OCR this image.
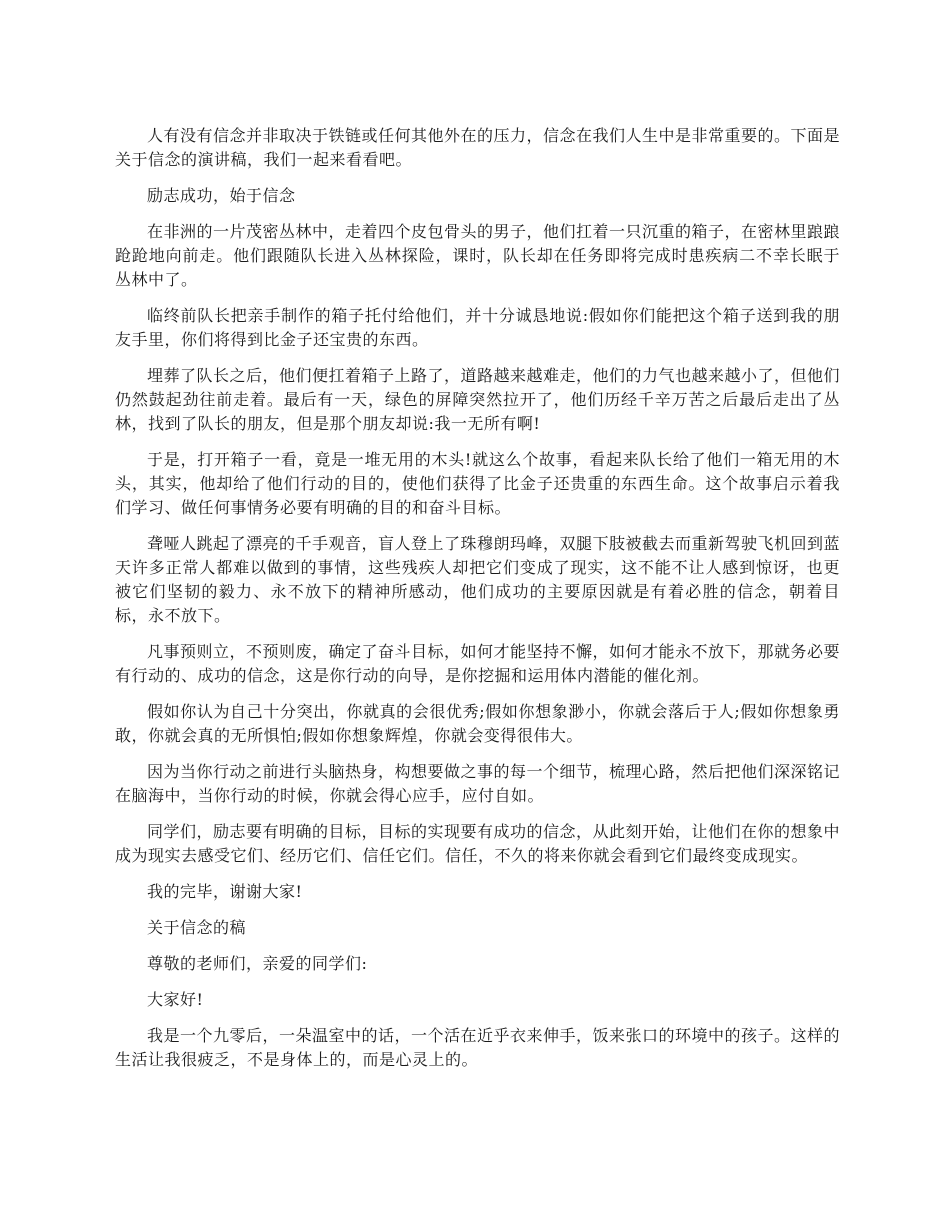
人有没有信念并非取决于铁链或任何其他外在的压力，信念在我们人生中是非常重要的。下面是关于信念的演讲稿，我们一起来看看吧。

励志成功，始于信念

在非洲的一片茂密丛林中，走着四个皮包骨头的男子，他们扛着一只沉重的箱子，在密林里踉踉跄跄地向前走。他们跟随队长进入丛林探险，课时，队长却在任务即将完成时患疾病二不幸长眠于丛林中了。

临终前队长把亲手制作的箱子托付给他们，并十分诚恳地说:假如你们能把这个箱子送到我的朋友手里，你们将得到比金子还宝贵的东西。

埋葬了队长之后，他们便扛着箱子上路了，道路越来越难走，他们的力气也越来越小了，但他们仍然鼓起劲往前走着。最后有一天，绿色的屏障突然拉开了，他们历经千辛万苦之后最后走出了丛林，找到了队长的朋友，但是那个朋友却说:我一无所有啊!

于是，打开箱子一看，竟是一堆无用的木头!就这么个故事，看起来队长给了他们一箱无用的木头，其实，他却给了他们行动的目的，使他们获得了比金子还贵重的东西生命。这个故事启示着我们学习、做任何事情务必要有明确的目的和奋斗目标。

聋哑人跳起了漂亮的千手观音，盲人登上了珠穆朗玛峰，双腿下肢被截去而重新驾驶飞机回到蓝天许多正常人都难以做到的事情，这些残疾人却把它们变成了现实，这不能不让人感到惊讶，也更被它们坚韧的毅力、永不放下的精神所感动，他们成功的主要原因就是有着必胜的信念，朝着目标，永不放下。

凡事预则立，不预则废，确定了奋斗目标，如何才能坚持不懈，如何才能永不放下，那就务必要有行动的、成功的信念，这是你行动的向导，是你挖掘和运用体内潜能的催化剂。

假如你认为自己十分突出，你就真的会很优秀;假如你想象渺小，你就会落后于人;假如你想象勇敢，你就会真的无所惧怕;假如你想象辉煌，你就会变得很伟大。

因为当你行动之前进行头脑热身，构想要做之事的每一个细节，梳理心路，然后把他们深深铭记在脑海中，当你行动的时候，你就会得心应手，应付自如。

同学们，励志要有明确的目标，目标的实现要有成功的信念，从此刻开始，让他们在你的想象中成为现实去感受它们、经历它们、信任它们。信任，不久的将来你就会看到它们最终变成现实。

我的完毕，谢谢大家!

关于信念的稿

尊敬的老师们，亲爱的同学们:

大家好!

我是一个九零后，一朵温室中的话，一个活在近乎衣来伸手，饭来张口的环境中的孩子。这样的生活让我很疲乏，不是身体上的，而是心灵上的。
